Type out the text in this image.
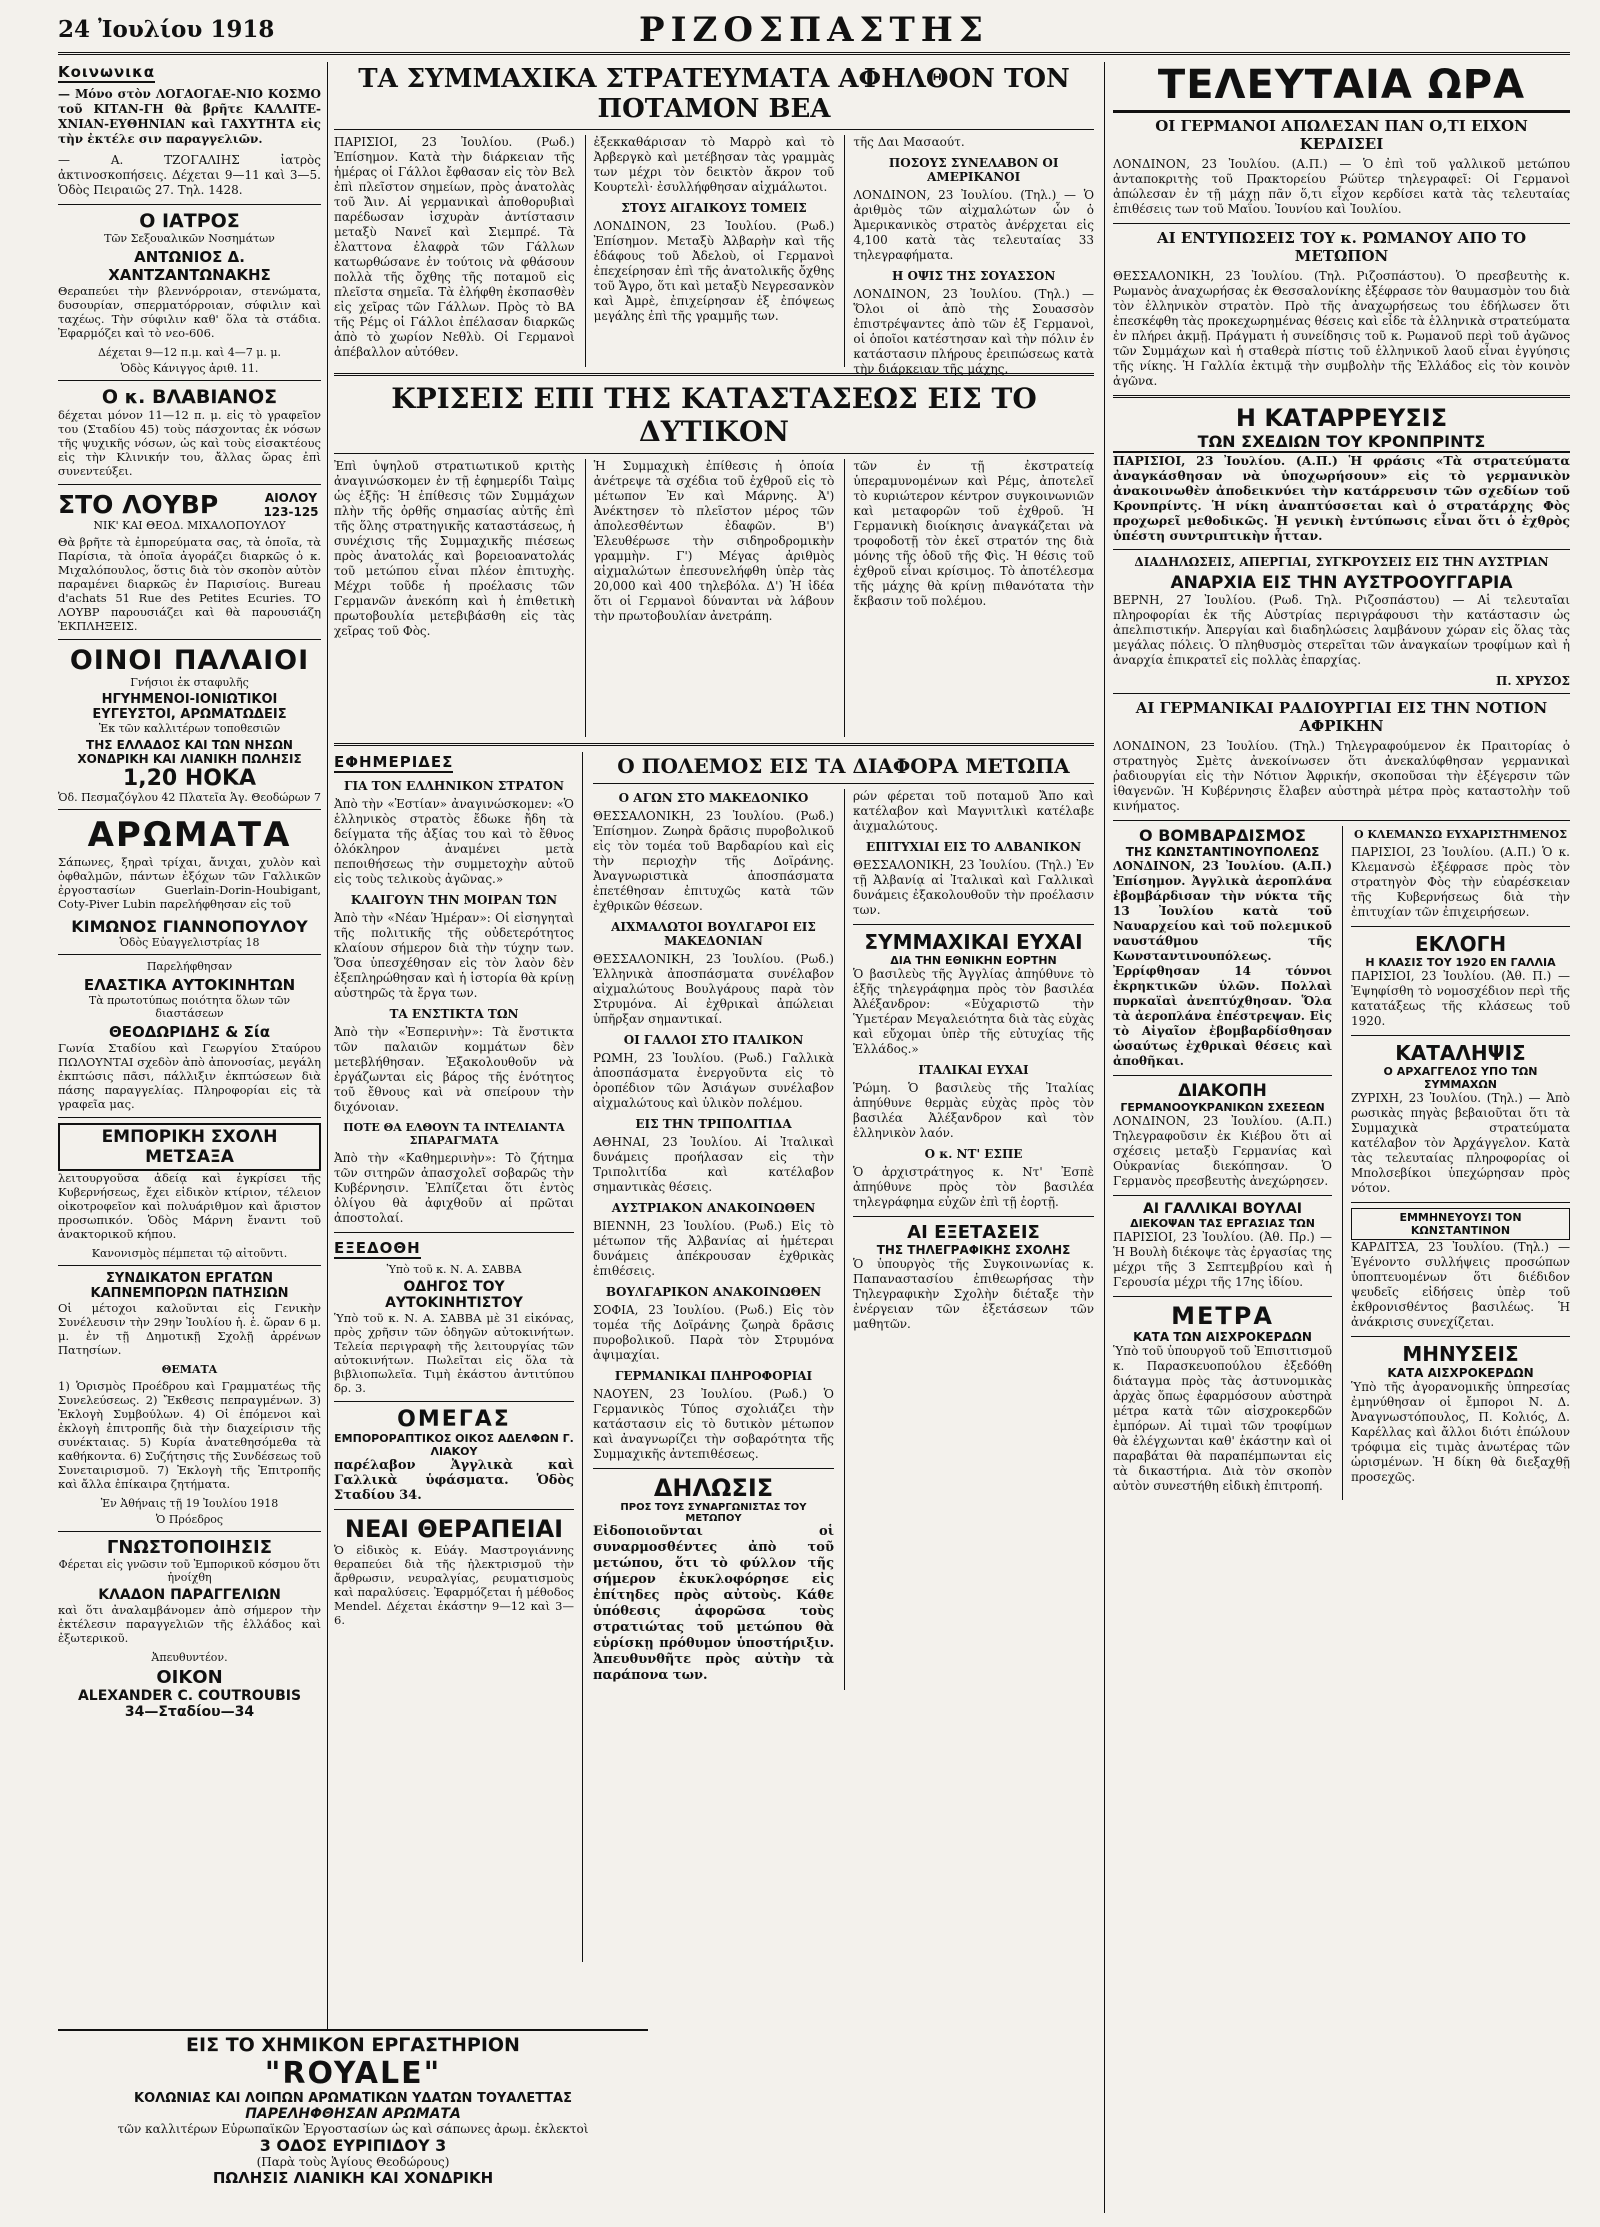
24 Ἰουλίου 1918	ΡΙΖΟΣΠΑΣΤΗΣ
Κοινωνικα

— Μόνο στὸν ΛΟΓΑΟΓΑΕ-ΝΙΟ ΚΟΣΜΟ τοῦ ΚΙΤΑΝ-ΓΗ θὰ βρῆτε ΚΑΛΛΙΤΕ-ΧΝΙΑΝ-ΕΥΘΗΝΙΑΝ καὶ ΓΑΧΥΤΗΤΑ εἰς τὴν ἐκτέλε σιν παραγγελιῶν.

— Α. ΤΖΟΓΑΛΙΗΣ ἰατρὸς ἀκτινοσκοπήσεις. Δέχεται 9—11 καὶ 3—5. Ὁδὸς Πειραιῶς 27. Τηλ. 1428.

Ο ΙΑΤΡΟΣ
Τῶν Σεξουαλικῶν Νοσημάτων
ΑΝΤΩΝΙΟΣ Δ. ΧΑΝΤΖΑΝΤΩΝΑΚΗΣ

Θεραπεύει τὴν βλεννόρροιαν, στενώματα, δυσουρίαν, σπερματόρροιαν, σύφιλιν καὶ ταχέως. Τὴν σύφιλιν καθ' ὅλα τὰ στάδια. Ἐφαρμόζει καὶ τὸ νεο-606.

Δέχεται 9—12 π.μ. καὶ 4—7 μ. μ.
Ὁδὸς Κάνιγγος ἀριθ. 11.
Ο κ. ΒΛΑΒΙΑΝΟΣ

δέχεται μόνον 11—12 π. μ. εἰς τὸ γραφεῖον του (Σταδίου 45) τοὺς πάσχοντας ἐκ νόσων τῆς ψυχικῆς νόσων, ὡς καὶ τοὺς εἰσακτέους εἰς τὴν Κλινικήν του, ἄλλας ὥρας ἐπὶ συνεντεύξει.

ΣΤΟ ΛΟΥΒΡ	ΑΙΟΛΟΥ 123-125
ΝΙΚ' ΚΑΙ ΘΕΟΔ. ΜΙΧΑΛΟΠΟΥΛΟΥ

Θὰ βρῆτε τὰ ἐμπορεύματα σας, τὰ ὁποῖα, τὰ Παρίσια, τὰ ὁποῖα ἀγοράζει διαρκῶς ὁ κ. Μιχαλόπουλος, ὅστις διὰ τὸν σκοπὸν αὐτὸν παραμένει διαρκῶς ἐν Παρισίοις. Bureau d'achats 51 Rue des Petites Ecuries. ΤΟ ΛΟΥΒΡ παρουσιάζει καὶ θὰ παρουσιάζη ἘΚΠΛΗΞΕΙΣ.

ΟΙΝΟΙ ΠΑΛΑΙΟΙ
Γνήσιοι ἐκ σταφυλῆς
ΗΓΥΗΜΕΝΟΙ-ΙΟΝΙΩΤΙΚΟΙ
ΕΥΓΕΥΣΤΟΙ, ΑΡΩΜΑΤΩΔΕΙΣ
Ἐκ τῶν καλλιτέρων τοποθεσιῶν
ΤΗΣ ΕΛΛΑΔΟΣ ΚΑΙ ΤΩΝ ΝΗΣΩΝ
ΧΟΝΔΡΙΚΗ ΚΑΙ ΛΙΑΝΙΚΗ ΠΩΛΗΣΙΣ
1,20 ΗΟΚΑ
Ὁδ. Πεσμαζόγλου 42 Πλατεῖα Ἁγ. Θεοδώρων 7
ΑΡΩΜΑΤΑ

Σάπωνες, ξηραὶ τρίχαι, ἄνιχαι, χυλὸν καὶ ὀφθαλμῶν, πάντων ἐξόχων τῶν Γαλλικῶν ἐργοστασίων Guerlain-Dorin-Houbigant, Coty-Piver Lubin παρελήφθησαν εἰς τοῦ

ΚΙΜΩΝΟΣ ΓΙΑΝΝΟΠΟΥΛΟΥ
Ὁδὸς Εὐαγγελιστρίας 18
Παρελήφθησαν
ΕΛΑΣΤΙΚΑ ΑΥΤΟΚΙΝΗΤΩΝ
Τὰ πρωτοτύπως ποιότητα ὅλων τῶν διαστάσεων
ΘΕΟΔΩΡΙΔΗΣ & Σία

Γωνία Σταδίου καὶ Γεωργίου Σταύρου ΠΩΛΟΥΝΤΑΙ σχεδὸν ἀπὸ ἀπονοσίας, μεγάλη ἐκπτώσις πᾶσι, πάλλιξιν ἐκπτώσεων διὰ πάσης παραγγελίας. Πληροφορίαι εἰς τὰ γραφεῖα μας.

ΕΜΠΟΡΙΚΗ ΣΧΟΛΗ ΜΕΤΣΑΞΑ

λειτουργοῦσα ἀδείᾳ καὶ ἐγκρίσει τῆς Κυβερνήσεως, ἔχει εἰδικὸν κτίριον, τέλειον οἰκοτροφεῖον καὶ πολυάριθμον καὶ ἄριστον προσωπικόν. Ὁδὸς Μάρνη ἔναντι τοῦ ἀνακτορικοῦ κήπου.

Κανονισμὸς πέμπεται τῷ αἰτοῦντι.
ΣΥΝΔΙΚΑΤΟΝ ΕΡΓΑΤΩΝ ΚΑΠΝΕΜΠΟΡΩΝ ΠΑΤΗΣΙΩΝ

Οἱ μέτοχοι καλοῦνται εἰς Γενικὴν Συνέλευσιν τὴν 29ην Ἰουλίου ἡ. ἐ. ὥραν 6 μ. μ. ἐν τῇ Δημοτικῇ Σχολῇ ἀρρένων Πατησίων.

ΘΕΜΑΤΑ

1) Ὁρισμὸς Προέδρου καὶ Γραμματέως τῆς Συνελεύσεως. 2) Ἔκθεσις πεπραγμένων. 3) Ἐκλογὴ Συμβούλων. 4) Οἱ ἑπόμενοι καὶ ἐκλογὴ ἐπιτροπῆς διὰ τὴν διαχείρισιν τῆς συνέκταιας. 5) Κυρία ἀνατεθησόμεθα τὰ καθήκοντα. 6) Συζήτησις τῆς Συνδέσεως τοῦ Συνεταιρισμοῦ. 7) Ἐκλογὴ τῆς Ἐπιτροπῆς καὶ ἄλλα ἐπίκαιρα ζητήματα.

Ἐν Ἀθήναις τῇ 19 Ἰουλίου 1918
Ὁ Πρόεδρος
ΓΝΩΣΤΟΠΟΙΗΣΙΣ
Φέρεται εἰς γνῶσιν τοῦ Ἐμπορικοῦ κόσμου ὅτι ἠνοίχθη
ΚΛΑΔΟΝ ΠΑΡΑΓΓΕΛΙΩΝ

καὶ ὅτι ἀναλαμβάνομεν ἀπὸ σήμερον τὴν ἐκτέλεσιν παραγγελιῶν τῆς ἑλλάδος καὶ ἐξωτερικοῦ.

Ἀπευθυντέον.
ΟΙΚΟΝ
ALEXANDER C. COUTROUBIS
34—Σταδίου—34
ΤΑ ΣΥΜΜΑΧΙΚΑ ΣΤΡΑΤΕΥΜΑΤΑ ΑΦΗΛΘΟΝ ΤΟΝ ΠΟΤΑΜΟΝ ΒΕΑ

ΠΑΡΙΣΙΟΙ, 23 Ἰουλίου. (Ρωδ.) Ἐπίσημον. Κατὰ τὴν διάρκειαν τῆς ἡμέρας οἱ Γάλλοι ἔφθασαν εἰς τὸν Βελ ἐπὶ πλεῖστον σημείων, πρὸς ἀνατολὰς τοῦ Ἄιν. Αἱ γερμανικαὶ ἀποθορυβιαὶ παρέδωσαν ἰσχυρὰν ἀντίστασιν μεταξὺ Νανεῖ καὶ Σιεμπρέ. Τὰ ἐλαττονα ἐλαφρὰ τῶν Γάλλων κατωρθώσανε ἐν τούτοις νὰ φθάσουν πολλὰ τῆς ὄχθης τῆς ποταμοῦ εἰς πλεῖστα σημεῖα. Τὰ ἐλήφθη ἐκσπασθὲν εἰς χεῖρας τῶν Γάλλων. Πρὸς τὸ ΒΑ τῆς Ρέμς οἱ Γάλλοι ἐπέλασαν διαρκῶς ἀπὸ τὸ χωρίον Νεθλὺ. Οἱ Γερμανοὶ ἀπέβαλλον αὐτόθεν.

ἐξεκκαθάρισαν τὸ Μαρρὸ καὶ τὸ Ἀρβεργκὸ καὶ μετέβησαν τὰς γραμμὰς των μέχρι τὸν δεικτὸν ἄκρον τοῦ Κουρτελὶ· ἐσυλλήφθησαν αἰχμάλωτοι.

ΣΤΟΥΣ ΑΙΓΑΙΚΟΥΣ ΤΟΜΕΙΣ

ΛΟΝΔΙΝΟΝ, 23 Ἰουλίου. (Ρωδ.) Ἐπίσημον. Μεταξὺ Ἀλβαρὴν καὶ τῆς ἑδάφους τοῦ Ἀδελοὺ, οἱ Γερμανοὶ ἐπεχείρησαν ἐπὶ τῆς ἀνατολικῆς ὄχθης τοῦ Ἄγρο, ὅτι καὶ μεταξὺ Νεγρεσανκὸν καὶ Ἀμρὲ, ἐπιχείρησαν ἐξ ἐπόψεως μεγάλης ἐπὶ τῆς γραμμῆς των.

τῆς Δαι Μασαούτ.

ΠΟΣΟΥΣ ΣΥΝΕΛΑΒΟΝ ΟΙ ΑΜΕΡΙΚΑΝΟΙ

ΛΟΝΔΙΝΟΝ, 23 Ἰουλίου. (Τηλ.) — Ὁ ἀριθμὸς τῶν αἰχμαλώτων ὧν ὁ Ἀμερικανικὸς στρατὸς ἀνέρχεται εἰς 4,100 κατὰ τὰς τελευταίας 33 τηλεγραφήματα.

Η ΟΨΙΣ ΤΗΣ ΣΟΥΑΣΣΟΝ

ΛΟΝΔΙΝΟΝ, 23 Ἰουλίου. (Τηλ.) — Ὅλοι οἱ ἀπὸ τὴς Σουασσὸν ἐπιστρέψαντες ἀπὸ τῶν ἐξ Γερμανοὶ, οἱ ὁποῖοι κατέστησαν καὶ τὴν πόλιν ἐν κατάστασιν πλήρους ἐρειπώσεως κατὰ τὴν διάρκειαν τῆς μάχης.

ΚΡΙΣΕΙΣ ΕΠΙ ΤΗΣ ΚΑΤΑΣΤΑΣΕΩΣ ΕΙΣ ΤΟ ΔΥΤΙΚΟΝ

Ἐπὶ ὑψηλοῦ στρατιωτικοῦ κριτὴς ἀναγινώσκομεν ἐν τῇ ἐφημερίδι Ταὶμς ὡς ἑξῆς: Ἡ ἐπίθεσις τῶν Συμμάχων πλὴν τῆς ὀρθῆς σημασίας αὐτῆς ἐπὶ τῆς ὅλης στρατηγικῆς καταστάσεως, ἡ συνέχισις τῆς Συμμαχικῆς πιέσεως πρὸς ἀνατολάς καὶ βορειοανατολάς τοῦ μετώπου εἶναι πλέον ἐπιτυχὴς. Μέχρι τοῦδε ἡ προέλασις τῶν Γερμανῶν ἀνεκόπη καὶ ἡ ἐπιθετικὴ πρωτοβουλία μετεβιβάσθη εἰς τὰς χεῖρας τοῦ Φὸς.

Ἡ Συμμαχικὴ ἐπίθεσις ἡ ὁποία ἀνέτρεψε τὰ σχέδια τοῦ ἐχθροῦ εἰς τὸ μέτωπον Ἐν καὶ Μάρνης. Ἀ') Ἀνέκτησεν τὸ πλεῖστον μέρος τῶν ἀπολεσθέντων ἐδαφῶν. Β') Ἐλευθέρωσε τὴν σιδηροδρομικὴν γραμμὴν. Γ') Μέγας ἀριθμὸς αἰχμαλώτων ἐπεσυνελήφθη ὑπὲρ τὰς 20,000 καὶ 400 τηλεβόλα. Δ') Ἡ ἰδέα ὅτι οἱ Γερμανοὶ δύνανται νὰ λάβουν τὴν πρωτοβουλίαν ἀνετράπη.

τῶν ἐν τῇ ἐκστρατείᾳ ὑπεραμυνομένων καὶ Ρέμς, ἀποτελεῖ τὸ κυριώτερον κέντρον συγκοινωνιῶν καὶ μεταφορῶν τοῦ ἐχθροῦ. Ἡ Γερμανικὴ διοίκησις ἀναγκάζεται νὰ τροφοδοτῇ τὸν ἐκεῖ στρατόν της διὰ μόνης τῆς ὁδοῦ τῆς Φὶς. Ἡ θέσις τοῦ ἐχθροῦ εἶναι κρίσιμος. Τὸ ἀποτέλεσμα τῆς μάχης θὰ κρίνῃ πιθανότατα τὴν ἔκβασιν τοῦ πολέμου.

ΕΦΗΜΕΡΙΔΕΣ
ΓΙΑ ΤΟΝ ΕΛΛΗΝΙΚΟΝ ΣΤΡΑΤΟΝ

Ἀπὸ τὴν «Ἑστίαν» ἀναγινώσκομεν: «Ὁ ἑλληνικὸς στρατὸς ἔδωκε ἤδη τὰ δείγματα τῆς ἀξίας του καὶ τὸ ἔθνος ὁλόκληρον ἀναμένει μετὰ πεποιθήσεως τὴν συμμετοχὴν αὐτοῦ εἰς τοὺς τελικοὺς ἀγῶνας.»

ΚΛΑΙΓΟΥΝ ΤΗΝ ΜΟΙΡΑΝ ΤΩΝ

Ἀπὸ τὴν «Νέαν Ἡμέραν»: Οἱ εἰσηγηταὶ τῆς πολιτικῆς τῆς οὐδετερότητος κλαίουν σήμερον διὰ τὴν τύχην των. Ὅσα ὑπεσχέθησαν εἰς τὸν λαὸν δὲν ἐξεπληρώθησαν καὶ ἡ ἱστορία θὰ κρίνῃ αὐστηρῶς τὰ ἔργα των.

ΤΑ ΕΝΣΤΙΚΤΑ ΤΩΝ

Ἀπὸ τὴν «Ἑσπερινὴν»: Τὰ ἔνστικτα τῶν παλαιῶν κομμάτων δὲν μετεβλήθησαν. Ἐξακολουθοῦν νὰ ἐργάζωνται εἰς βάρος τῆς ἑνότητος τοῦ ἔθνους καὶ νὰ σπείρουν τὴν διχόνοιαν.

ΠΟΤΕ ΘΑ ΕΛΘΟΥΝ ΤΑ ΙΝΤΕΛΙΑΝΤΑ ΣΠΑΡΑΓΜΑΤΑ

Ἀπὸ τὴν «Καθημερινὴν»: Τὸ ζήτημα τῶν σιτηρῶν ἀπασχολεῖ σοβαρῶς τὴν Κυβέρνησιν. Ἐλπίζεται ὅτι ἐντὸς ὀλίγου θὰ ἀφιχθοῦν αἱ πρῶται ἀποστολαί.

ΕΞΕΔΟΘΗ
Ὑπὸ τοῦ κ. Ν. Α. ΣΑΒΒΑ
ΟΔΗΓΟΣ ΤΟΥ ΑΥΤΟΚΙΝΗΤΙΣΤΟΥ

Ὑπὸ τοῦ κ. Ν. Α. ΣΑΒΒΑ μὲ 31 εἰκόνας, πρὸς χρῆσιν τῶν ὁδηγῶν αὐτοκινήτων. Τελεία περιγραφὴ τῆς λειτουργίας τῶν αὐτοκινήτων. Πωλεῖται εἰς ὅλα τὰ βιβλιοπωλεῖα. Τιμὴ ἑκάστου ἀντιτύπου δρ. 3.

ΟΜΕΓΑΣ
ΕΜΠΟΡΟΡΑΠΤΙΚΟΣ ΟΙΚΟΣ ΑΔΕΛΦΩΝ Γ. ΛΙΑΚΟΥ

παρέλαβον Ἀγγλικὰ καὶ Γαλλικὰ ὑφάσματα. Ὁδὸς Σταδίου 34.

ΝΕΑΙ ΘΕΡΑΠΕΙΑΙ

Ὁ εἰδικὸς κ. Εὐάγ. Μαστρογιάννης θεραπεύει διὰ τῆς ἠλεκτρισμοῦ τὴν ἄρθρωσιν, νευραλγίας, ρευματισμοὺς καὶ παραλύσεις. Ἐφαρμόζεται ἡ μέθοδος Mendel. Δέχεται ἑκάστην 9—12 καὶ 3—6.

Ο ΠΟΛΕΜΟΣ ΕΙΣ ΤΑ ΔΙΑΦΟΡΑ ΜΕΤΩΠΑ
Ο ΑΓΩΝ ΣΤΟ ΜΑΚΕΔΟΝΙΚΟ

ΘΕΣΣΑΛΟΝΙΚΗ, 23 Ἰουλίου. (Ρωδ.) Ἐπίσημον. Ζωηρὰ δρᾶσις πυροβολικοῦ εἰς τὸν τομέα τοῦ Βαρδαρίου καὶ εἰς τὴν περιοχὴν τῆς Δοϊράνης. Ἀναγνωριστικὰ ἀποσπάσματα ἐπετέθησαν ἐπιτυχῶς κατὰ τῶν ἐχθρικῶν θέσεων.

ΑΙΧΜΑΛΩΤΟΙ ΒΟΥΛΓΑΡΟΙ ΕΙΣ ΜΑΚΕΔΟΝΙΑΝ

ΘΕΣΣΑΛΟΝΙΚΗ, 23 Ἰουλίου. (Ρωδ.) Ἑλληνικὰ ἀποσπάσματα συνέλαβον αἰχμαλώτους Βουλγάρους παρὰ τὸν Στρυμόνα. Αἱ ἐχθρικαὶ ἀπώλειαι ὑπῆρξαν σημαντικαί.

ΟΙ ΓΑΛΛΟΙ ΣΤΟ ΙΤΑΛΙΚΟΝ

ΡΩΜΗ, 23 Ἰουλίου. (Ρωδ.) Γαλλικὰ ἀποσπάσματα ἐνεργοῦντα εἰς τὸ ὀροπέδιον τῶν Ἀσιάγων συνέλαβον αἰχμαλώτους καὶ ὑλικὸν πολέμου.

ΕΙΣ ΤΗΝ ΤΡΙΠΟΛΙΤΙΔΑ

ΑΘΗΝΑΙ, 23 Ἰουλίου. Αἱ Ἰταλικαὶ δυνάμεις προήλασαν εἰς τὴν Τριπολιτίδα καὶ κατέλαβον σημαντικὰς θέσεις.

ΑΥΣΤΡΙΑΚΟΝ ΑΝΑΚΟΙΝΩΘΕΝ

ΒΙΕΝΝΗ, 23 Ἰουλίου. (Ρωδ.) Εἰς τὸ μέτωπον τῆς Ἀλβανίας αἱ ἡμέτεραι δυνάμεις ἀπέκρουσαν ἐχθρικὰς ἐπιθέσεις.

ΒΟΥΛΓΑΡΙΚΟΝ ΑΝΑΚΟΙΝΩΘΕΝ

ΣΟΦΙΑ, 23 Ἰουλίου. (Ρωδ.) Εἰς τὸν τομέα τῆς Δοϊράνης ζωηρὰ δρᾶσις πυροβολικοῦ. Παρὰ τὸν Στρυμόνα ἀψιμαχίαι.

ΓΕΡΜΑΝΙΚΑΙ ΠΛΗΡΟΦΟΡΙΑΙ

ΝΑΟΥΕΝ, 23 Ἰουλίου. (Ρωδ.) Ὁ Γερμανικὸς Τύπος σχολιάζει τὴν κατάστασιν εἰς τὸ δυτικὸν μέτωπον καὶ ἀναγνωρίζει τὴν σοβαρότητα τῆς Συμμαχικῆς ἀντεπιθέσεως.

ΔΗΛΩΣΙΣ
ΠΡΟΣ ΤΟΥΣ ΣΥΝΑΡΓΩΝΙΣΤΑΣ ΤΟΥ ΜΕΤΩΠΟΥ

Εἰδοποιοῦνται οἱ συναρμοσθέντες ἀπὸ τοῦ μετώπου, ὅτι τὸ φύλλον τῆς σήμερον ἐκυκλοφόρησε εἰς ἐπίτηδες πρὸς αὐτοὺς. Κάθε ὑπόθεσις ἀφορῶσα τοὺς στρατιώτας τοῦ μετώπου θὰ εὑρίσκῃ πρόθυμον ὑποστήριξιν. Ἀπευθυνθῆτε πρὸς αὐτὴν τὰ παράπονα των.

ρών φέρεται τοῦ ποταμοῦ Ἄπο καὶ κατέλαβον καὶ Μαγνιτλικὶ κατέλαβε ἀιχμαλώτους.

ΕΠΙΤΥΧΙΑΙ ΕΙΣ ΤΟ ΑΛΒΑΝΙΚΟΝ

ΘΕΣΣΑΛΟΝΙΚΗ, 23 Ἰουλίου. (Τηλ.) Ἐν τῇ Ἀλβανίᾳ αἱ Ἰταλικαὶ καὶ Γαλλικαὶ δυνάμεις ἐξακολουθοῦν τὴν προέλασιν των.

ΣΥΜΜΑΧΙΚΑΙ ΕΥΧΑΙ
ΔΙΑ ΤΗΝ ΕΘΝΙΚΗΝ ΕΟΡΤΗΝ

Ὁ βασιλεὺς τῆς Ἀγγλίας ἀπηύθυνε τὸ ἑξῆς τηλεγράφημα πρὸς τὸν βασιλέα Ἀλέξανδρον: «Εὐχαριστῶ τὴν Ὑμετέραν Μεγαλειότητα διὰ τὰς εὐχὰς καὶ εὔχομαι ὑπὲρ τῆς εὐτυχίας τῆς Ἑλλάδος.»

ΙΤΑΛΙΚΑΙ ΕΥΧΑΙ

Ῥώμη. Ὁ βασιλεὺς τῆς Ἰταλίας ἀπηύθυνε θερμὰς εὐχὰς πρὸς τὸν βασιλέα Ἀλέξανδρον καὶ τὸν ἑλληνικὸν λαόν.

Ο κ. ΝΤ' ΕΣΠΕ

Ὁ ἀρχιστράτηγος κ. Ντ' Ἐσπὲ ἀπηύθυνε πρὸς τὸν βασιλέα τηλεγράφημα εὐχῶν ἐπὶ τῇ ἐορτῇ.

ΑΙ ΕΞΕΤΑΣΕΙΣ
ΤΗΣ ΤΗΛΕΓΡΑΦΙΚΗΣ ΣΧΟΛΗΣ

Ὁ ὑπουργὸς τῆς Συγκοινωνίας κ. Παπαναστασίου ἐπιθεωρήσας τὴν Τηλεγραφικὴν Σχολὴν διέταξε τὴν ἐνέργειαν τῶν ἐξετάσεων τῶν μαθητῶν.

ΤΕΛΕΥΤΑΙΑ ΩΡΑ
ΟΙ ΓΕΡΜΑΝΟΙ ΑΠΩΛΕΣΑΝ ΠΑΝ Ο,ΤΙ ΕΙΧΟΝ ΚΕΡΔΙΣΕΙ

ΛΟΝΔΙΝΟΝ, 23 Ἰουλίου. (Α.Π.) — Ὁ ἐπὶ τοῦ γαλλικοῦ μετώπου ἀνταποκριτὴς τοῦ Πρακτορείου Ρώϋτερ τηλεγραφεῖ: Οἱ Γερμανοὶ ἀπώλεσαν ἐν τῇ μάχῃ πᾶν ὅ,τι εἶχον κερδίσει κατὰ τὰς τελευταίας ἐπιθέσεις των τοῦ Μαΐου. Ἰουνίου καὶ Ἰουλίου.

ΑΙ ΕΝΤΥΠΩΣΕΙΣ ΤΟΥ κ. ΡΩΜΑΝΟΥ ΑΠΟ ΤΟ ΜΕΤΩΠΟΝ

ΘΕΣΣΑΛΟΝΙΚΗ, 23 Ἰουλίου. (Τηλ. Ριζοσπάστου). Ὁ πρεσβευτὴς κ. Ρωμανὸς ἀναχωρήσας ἐκ Θεσσαλονίκης ἐξέφρασε τὸν θαυμασμὸν του διὰ τὸν ἑλληνικὸν στρατὸν. Πρὸ τῆς ἀναχωρήσεως του ἐδήλωσεν ὅτι ἐπεσκέφθη τὰς προκεχωρημένας θέσεις καὶ εἶδε τὰ ἑλληνικὰ στρατεύματα ἐν πλήρει ἀκμῇ. Πράγματι ἡ συνείδησις τοῦ κ. Ρωμανοῦ περὶ τοῦ ἀγῶνος τῶν Συμμάχων καὶ ἡ σταθερὰ πίστις τοῦ ἑλληνικοῦ λαοῦ εἶναι ἐγγύησις τῆς νίκης. Ἡ Γαλλία ἐκτιμᾷ τὴν συμβολὴν τῆς Ἑλλάδος εἰς τὸν κοινὸν ἀγῶνα.

Η ΚΑΤΑΡΡΕΥΣΙΣ
ΤΩΝ ΣΧΕΔΙΩΝ ΤΟΥ ΚΡΟΝΠΡΙΝΤΣ

ΠΑΡΙΣΙΟΙ, 23 Ἰουλίου. (Α.Π.) Ἡ φράσις «Τὰ στρατεύματα ἀναγκάσθησαν νὰ ὑποχωρήσουν» εἰς τὸ γερμανικὸν ἀνακοινωθὲν ἀποδεικνύει τὴν κατάρρευσιν τῶν σχεδίων τοῦ Κρονπρίντς. Ἡ νίκη ἀναπτύσσεται καὶ ὁ στρατάρχης Φὸς προχωρεῖ μεθοδικῶς. Ἡ γενικὴ ἐντύπωσις εἶναι ὅτι ὁ ἐχθρὸς ὑπέστη συντριπτικὴν ἧτταν.

ΔΙΑΔΗΛΩΣΕΙΣ, ΑΠΕΡΓΙΑΙ, ΣΥΓΚΡΟΥΣΕΙΣ ΕΙΣ ΤΗΝ ΑΥΣΤΡΙΑΝ
ΑΝΑΡΧΙΑ ΕΙΣ ΤΗΝ ΑΥΣΤΡΟΟΥΓΓΑΡΙΑ

ΒΕΡΝΗ, 27 Ἰουλίου. (Ρωδ. Τηλ. Ριζοσπάστου) — Αἱ τελευταῖαι πληροφορίαι ἐκ τῆς Αὐστρίας περιγράφουσι τὴν κατάστασιν ὡς ἀπελπιστικήν. Ἀπεργίαι καὶ διαδηλώσεις λαμβάνουν χώραν εἰς ὅλας τὰς μεγάλας πόλεις. Ὁ πληθυσμὸς στερεῖται τῶν ἀναγκαίων τροφίμων καὶ ἡ ἀναρχία ἐπικρατεῖ εἰς πολλὰς ἐπαρχίας.

Π. ΧΡΥΣΟΣ
ΑΙ ΓΕΡΜΑΝΙΚΑΙ ΡΑΔΙΟΥΡΓΙΑΙ ΕΙΣ ΤΗΝ ΝΟΤΙΟΝ ΑΦΡΙΚΗΝ

ΛΟΝΔΙΝΟΝ, 23 Ἰουλίου. (Τηλ.) Τηλεγραφούμενον ἐκ Πραιτορίας ὁ στρατηγὸς Σμὲτς ἀνεκοίνωσεν ὅτι ἀνεκαλύφθησαν γερμανικαὶ ῥαδιουργίαι εἰς τὴν Νότιον Ἀφρικήν, σκοποῦσαι τὴν ἐξέγερσιν τῶν ἰθαγενῶν. Ἡ Κυβέρνησις ἔλαβεν αὐστηρὰ μέτρα πρὸς καταστολὴν τοῦ κινήματος.

Ο ΒΟΜΒΑΡΔΙΣΜΟΣ
ΤΗΣ ΚΩΝΣΤΑΝΤΙΝΟΥΠΟΛΕΩΣ

ΛΟΝΔΙΝΟΝ, 23 Ἰουλίου. (Α.Π.) Ἐπίσημον. Ἀγγλικὰ ἀεροπλάνα ἐβομβάρδισαν τὴν νύκτα τῆς 13 Ἰουλίου κατὰ τοῦ Ναυαρχείου καὶ τοῦ πολεμικοῦ ναυστάθμου τῆς Κωνσταντινουπόλεως. Ἐρρίφθησαν 14 τόννοι ἐκρηκτικῶν ὑλῶν. Πολλαὶ πυρκαϊαὶ ἀνεπτύχθησαν. Ὅλα τὰ ἀεροπλάνα ἐπέστρεψαν. Εἰς τὸ Αἰγαῖον ἐβομβαρδίσθησαν ὡσαύτως ἐχθρικαὶ θέσεις καὶ ἀποθῆκαι.

ΔΙΑΚΟΠΗ
ΓΕΡΜΑΝΟΟΥΚΡΑΝΙΚΩΝ ΣΧΕΣΕΩΝ

ΛΟΝΔΙΝΟΝ, 23 Ἰουλίου. (Α.Π.) Τηλεγραφοῦσιν ἐκ Κιέβου ὅτι αἱ σχέσεις μεταξὺ Γερμανίας καὶ Οὐκρανίας διεκόπησαν. Ὁ Γερμανὸς πρεσβευτὴς ἀνεχώρησεν.

ΑΙ ΓΑΛΛΙΚΑΙ ΒΟΥΛΑΙ
ΔΙΕΚΟΨΑΝ ΤΑΣ ΕΡΓΑΣΙΑΣ ΤΩΝ

ΠΑΡΙΣΙΟΙ, 23 Ἰουλίου. (Ἀθ. Πρ.) — Ἡ Βουλὴ διέκοψε τὰς ἐργασίας της μέχρι τῆς 3 Σεπτεμβρίου καὶ ἡ Γερουσία μέχρι τῆς 17ης ἰδίου.

ΜΕΤΡΑ
ΚΑΤΑ ΤΩΝ ΑΙΣΧΡΟΚΕΡΔΩΝ

Ὑπὸ τοῦ ὑπουργοῦ τοῦ Ἐπισιτισμοῦ κ. Παρασκευοπούλου ἐξεδόθη διάταγμα πρὸς τὰς ἀστυνομικὰς ἀρχὰς ὅπως ἐφαρμόσουν αὐστηρὰ μέτρα κατὰ τῶν αἰσχροκερδῶν ἐμπόρων. Αἱ τιμαὶ τῶν τροφίμων θὰ ἐλέγχωνται καθ' ἑκάστην καὶ οἱ παραβάται θὰ παραπέμπωνται εἰς τὰ δικαστήρια. Διὰ τὸν σκοπὸν αὐτὸν συνεστήθη εἰδικὴ ἐπιτροπή.

Ο ΚΛΕΜΑΝΣΩ ΕΥΧΑΡΙΣΤΗΜΕΝΟΣ

ΠΑΡΙΣΙΟΙ, 23 Ἰουλίου. (Α.Π.) Ὁ κ. Κλεμανσὼ ἐξέφρασε πρὸς τὸν στρατηγὸν Φὸς τὴν εὐαρέσκειαν τῆς Κυβερνήσεως διὰ τὴν ἐπιτυχίαν τῶν ἐπιχειρήσεων.

ΕΚΛΟΓΗ
Η ΚΛΑΣΙΣ ΤΟΥ 1920 ΕΝ ΓΑΛΛΙΑ

ΠΑΡΙΣΙΟΙ, 23 Ἰουλίου. (Ἀθ. Π.) — Ἐψηφίσθη τὸ νομοσχέδιον περὶ τῆς κατατάξεως τῆς κλάσεως τοῦ 1920.

ΚΑΤΑΛΗΨΙΣ
Ο ΑΡΧΑΓΓΕΛΟΣ ΥΠΟ ΤΩΝ ΣΥΜΜΑΧΩΝ

ΖΥΡΙΧΗ, 23 Ἰουλίου. (Τηλ.) — Ἀπὸ ρωσικὰς πηγὰς βεβαιοῦται ὅτι τὰ Συμμαχικὰ στρατεύματα κατέλαβον τὸν Ἀρχάγγελον. Κατὰ τὰς τελευταίας πληροφορίας οἱ Μπολσεβίκοι ὑπεχώρησαν πρὸς νότον.

ΕΜΜΗΝΕΥΟΥΣΙ ΤΟΝ ΚΩΝΣΤΑΝΤΙΝΟΝ

ΚΑΡΔΙΤΣΑ, 23 Ἰουλίου. (Τηλ.) — Ἐγένοντο συλλήψεις προσώπων ὑποπτευομένων ὅτι διέδιδον ψευδεῖς εἰδήσεις ὑπὲρ τοῦ ἐκθρονισθέντος βασιλέως. Ἡ ἀνάκρισις συνεχίζεται.

ΜΗΝΥΣΕΙΣ
ΚΑΤΑ ΑΙΣΧΡΟΚΕΡΔΩΝ

Ὑπὸ τῆς ἀγορανομικῆς ὑπηρεσίας ἐμηνύθησαν οἱ ἔμποροι Ν. Δ. Ἀναγνωστόπουλος, Π. Κολιός, Δ. Καρέλλας καὶ ἄλλοι διότι ἐπώλουν τρόφιμα εἰς τιμὰς ἀνωτέρας τῶν ὡρισμένων. Ἡ δίκη θὰ διεξαχθῇ προσεχῶς.

ΕΙΣ ΤΟ ΧΗΜΙΚΟΝ ΕΡΓΑΣΤΗΡΙΟΝ
"ROYALE"
ΚΟΛΩΝΙΑΣ ΚΑΙ ΛΟΙΠΩΝ ΑΡΩΜΑΤΙΚΩΝ ΥΔΑΤΩΝ ΤΟΥΑΛΕΤΤΑΣ
ΠΑΡΕΛΗΦΘΗΣΑΝ ΑΡΩΜΑΤΑ
τῶν καλλιτέρων Εὐρωπαϊκῶν Ἐργοστασίων ὡς καὶ σάπωνες ἀρωμ. ἐκλεκτοὶ
3 ΟΔΟΣ ΕΥΡΙΠΙΔΟΥ 3
(Παρὰ τοὺς Ἁγίους Θεοδώρους)
ΠΩΛΗΣΙΣ ΛΙΑΝΙΚΗ ΚΑΙ ΧΟΝΔΡΙΚΗ
